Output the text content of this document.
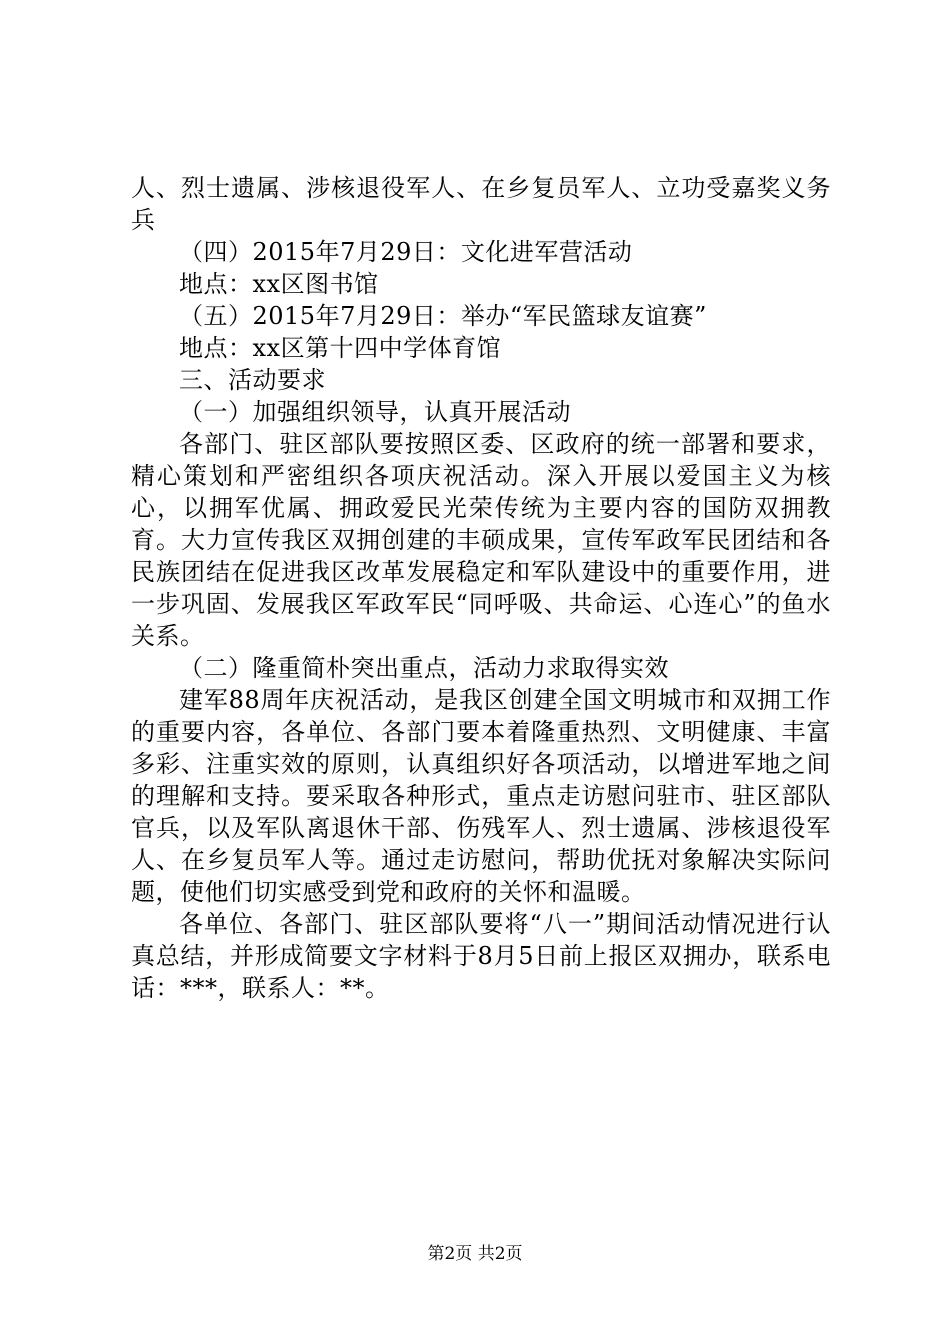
人、烈士遗属、涉核退役军人、在乡复员军人、立功受嘉奖义务兵

（四）2015年7月29日：文化进军营活动

地点：xx区图书馆

（五）2015年7月29日：举办“军民篮球友谊赛”

地点：xx区第十四中学体育馆

三、活动要求

（一）加强组织领导，认真开展活动

各部门、驻区部队要按照区委、区政府的统一部署和要求，精心策划和严密组织各项庆祝活动。深入开展以爱国主义为核心，以拥军优属、拥政爱民光荣传统为主要内容的国防双拥教育。大力宣传我区双拥创建的丰硕成果，宣传军政军民团结和各民族团结在促进我区改革发展稳定和军队建设中的重要作用，进一步巩固、发展我区军政军民“同呼吸、共命运、心连心”的鱼水关系。

（二）隆重简朴突出重点，活动力求取得实效

建军88周年庆祝活动，是我区创建全国文明城市和双拥工作的重要内容，各单位、各部门要本着隆重热烈、文明健康、丰富多彩、注重实效的原则，认真组织好各项活动，以增进军地之间的理解和支持。要采取各种形式，重点走访慰问驻市、驻区部队官兵，以及军队离退休干部、伤残军人、烈士遗属、涉核退役军人、在乡复员军人等。通过走访慰问，帮助优抚对象解决实际问题，使他们切实感受到党和政府的关怀和温暖。

各单位、各部门、驻区部队要将“八一”期间活动情况进行认真总结，并形成简要文字材料于8月5日前上报区双拥办，联系电话：***，联系人：**。

第2页 共2页
